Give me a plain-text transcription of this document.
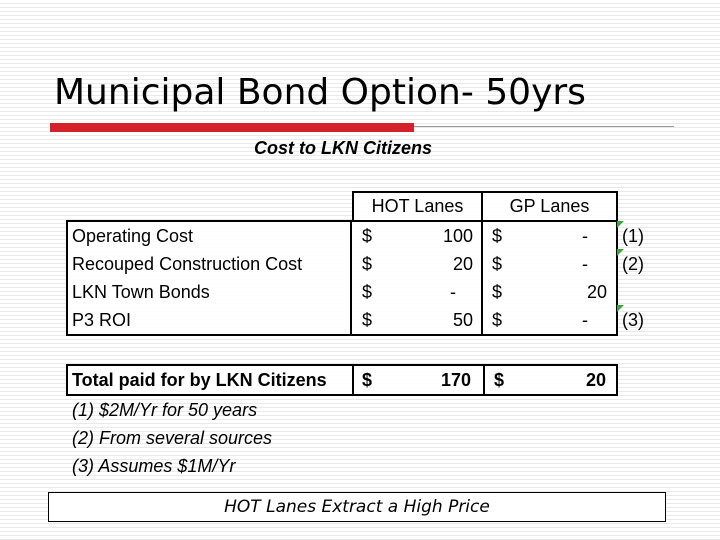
Municipal Bond Option- 50yrs
Cost to LKN Citizens
HOT Lanes	GP Lanes
Operating Cost	$	100 $	- (1)
Recouped Construction Cost	$	20 $	- (2)
LKN Town Bonds	$	- $	20
P3 ROI	$	50 $	- (3)
Total paid for by LKN Citizens $	170 $	20
(1) $2M/Yr for 50 years
(2) From several sources
(3) Assumes $1M/Yr
HOT Lanes Extract a High Price
